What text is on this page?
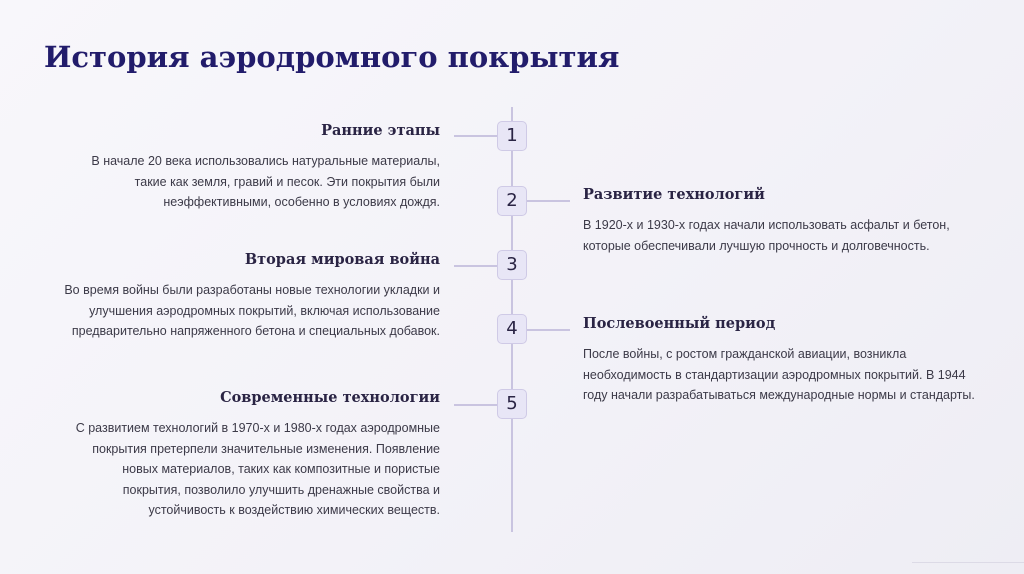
История аэродромного покрытия
1
2
3
4
5
Ранние этапы

В начале 20 века использовались натуральные материалы, такие как земля, гравий и песок. Эти покрытия были неэффективными, особенно в условиях дождя.	Развитие технологий

В 1920-х и 1930-х годах начали использовать асфальт и бетон, которые обеспечивали лучшую прочность и долговечность.

Вторая мировая война

Во время войны были разработаны новые технологии укладки и улучшения аэродромных покрытий, включая использование предварительно напряженного бетона и специальных добавок.	Послевоенный период

После войны, с ростом гражданской авиации, возникла необходимость в стандартизации аэродромных покрытий. В 1944 году начали разрабатываться международные нормы и стандарты.

Современные технологии

С развитием технологий в 1970-х и 1980-х годах аэродромные покрытия претерпели значительные изменения. Появление новых материалов, таких как композитные и пористые покрытия, позволило улучшить дренажные свойства и устойчивость к воздействию химических веществ.
